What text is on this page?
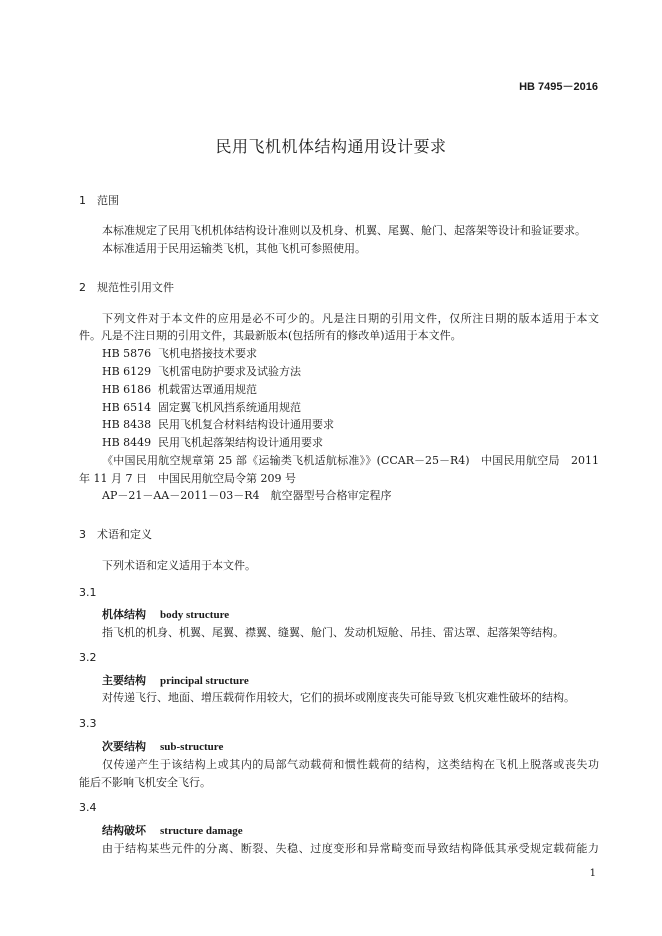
HB 7495－2016
民用飞机机体结构通用设计要求
1 范围
本标准规定了民用飞机机体结构设计准则以及机身、机翼、尾翼、舱门、起落架等设计和验证要求。
本标准适用于民用运输类飞机，其他飞机可参照使用。
2 规范性引用文件
下列文件对于本文件的应用是必不可少的。凡是注日期的引用文件，仅所注日期的版本适用于本文
件。凡是不注日期的引用文件，其最新版本(包括所有的修改单)适用于本文件。
HB 5876 飞机电搭接技术要求
HB 6129 飞机雷电防护要求及试验方法
HB 6186 机载雷达罩通用规范
HB 6514 固定翼飞机风挡系统通用规范
HB 8438 民用飞机复合材料结构设计通用要求
HB 8449 民用飞机起落架结构设计通用要求
《中国民用航空规章第 25 部《运输类飞机适航标准》》(CCAR－25－R4)　中国民用航空局　2011
年 11 月 7 日　中国民用航空局令第 209 号
AP－21－AA－2011－03－R4　航空器型号合格审定程序
3 术语和定义
下列术语和定义适用于本文件。
3.1
机体结构 body structure
指飞机的机身、机翼、尾翼、襟翼、缝翼、舱门、发动机短舱、吊挂、雷达罩、起落架等结构。
3.2
主要结构 principal structure
对传递飞行、地面、增压载荷作用较大，它们的损坏或刚度丧失可能导致飞机灾难性破坏的结构。
3.3
次要结构 sub-structure
仅传递产生于该结构上或其内的局部气动载荷和惯性载荷的结构，这类结构在飞机上脱落或丧失功
能后不影响飞机安全飞行。
3.4
结构破坏 structure damage
由于结构某些元件的分离、断裂、失稳、过度变形和异常畸变而导致结构降低其承受规定载荷能力
1
